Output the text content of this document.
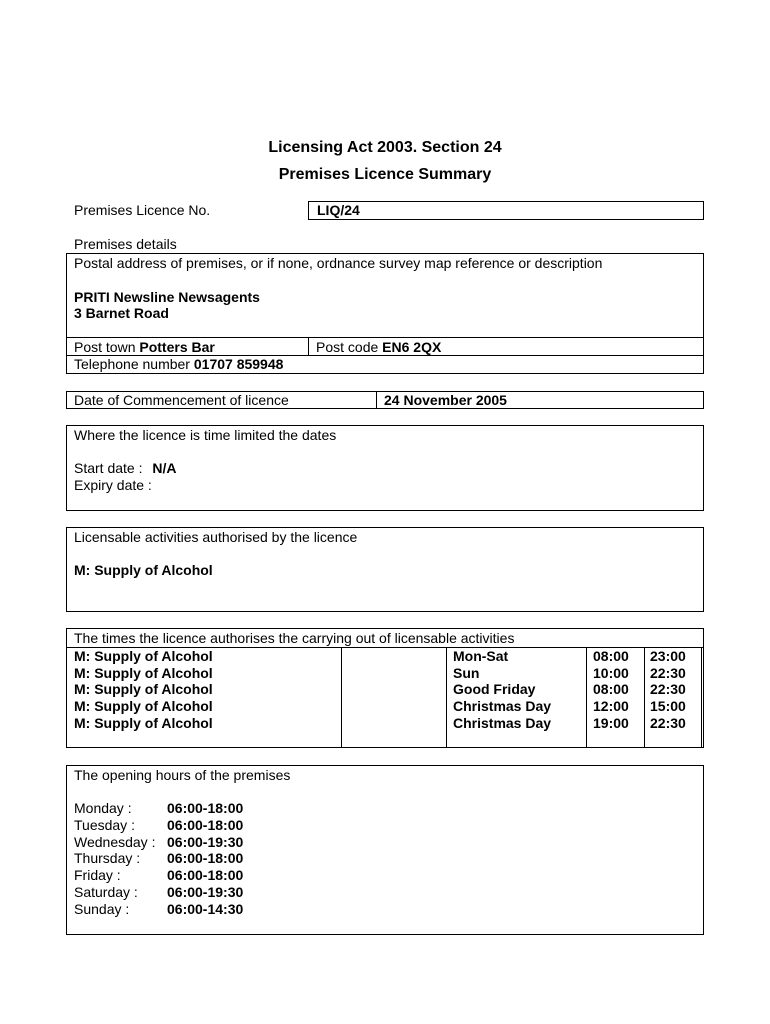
Licensing Act 2003. Section 24
Premises Licence Summary
Premises Licence No.	LIQ/24
Premises details
Postal address of premises, or if none, ordnance survey map reference or description
PRITI Newsline Newsagents
3 Barnet Road
Post town Potters Bar	Post code EN6 2QX
Telephone number 01707 859948
Date of Commencement of licence	24 November 2005
Where the licence is time limited the dates
Start date : N/A
Expiry date :
Licensable activities authorised by the licence
M: Supply of Alcohol
The times the licence authorises the carrying out of licensable activities
M: Supply of Alcohol	Mon-Sat	08:00 23:00
M: Supply of Alcohol	Sun	10:00 22:30
M: Supply of Alcohol	Good Friday	08:00 22:30
M: Supply of Alcohol	Christmas Day	12:00 15:00
M: Supply of Alcohol	Christmas Day	19:00 22:30
The opening hours of the premises
Monday :	06:00-18:00
Tuesday : 06:00-18:00
Wednesday : 06:00-19:30
Thursday : 06:00-18:00
Friday :	06:00-18:00
Saturday : 06:00-19:30
Sunday :	06:00-14:30
